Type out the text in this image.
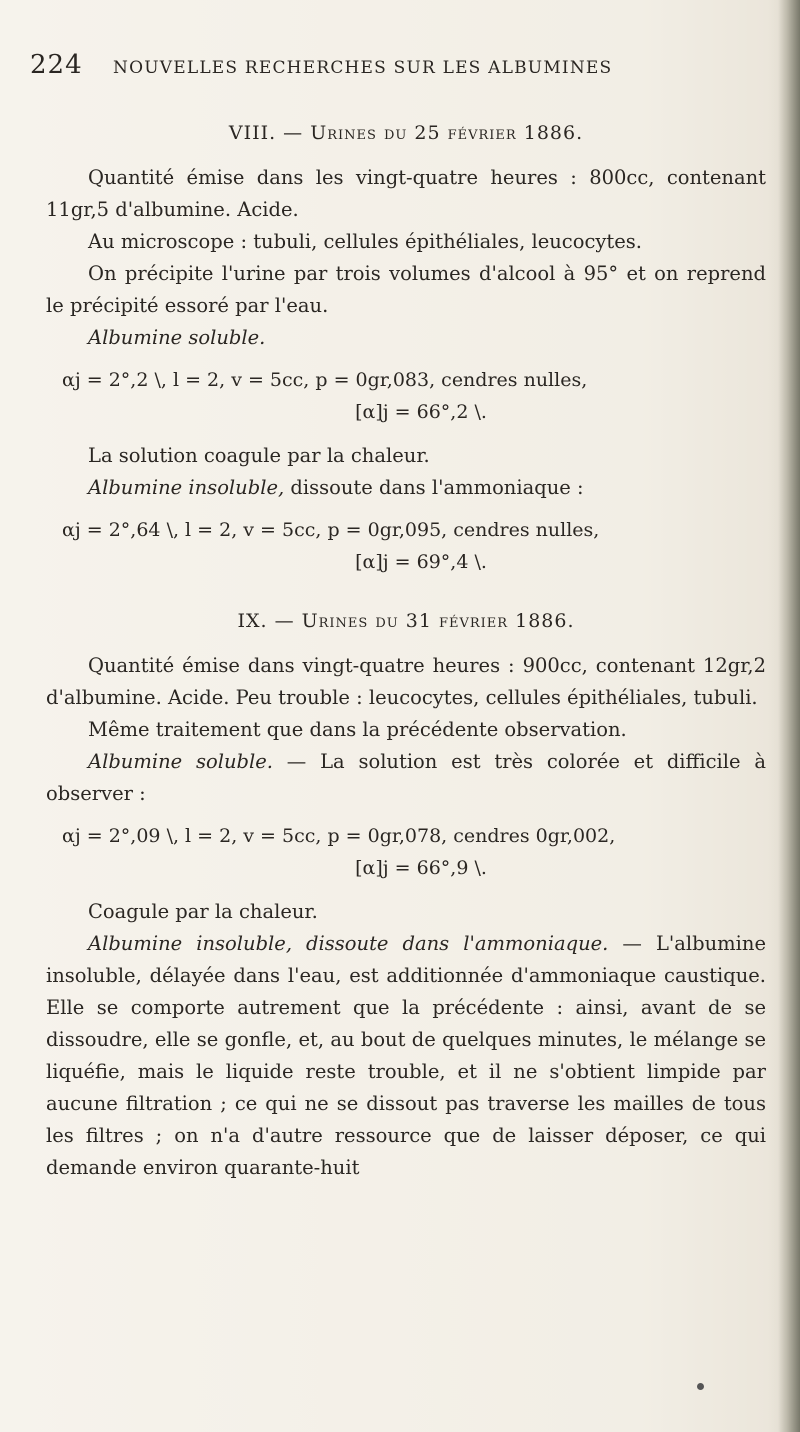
224 NOUVELLES RECHERCHES SUR LES ALBUMINES
VIII. — Urines du 25 février 1886.

Quantité émise dans les vingt-quatre heures : 800cc, contenant 11gr,5 d'albumine. Acide.

Au microscope : tubuli, cellules épithéliales, leucocytes.

On précipite l'urine par trois volumes d'alcool à 95° et on reprend le précipité essoré par l'eau.

Albumine soluble.

αj = 2°,2 \, l = 2, v = 5cc, p = 0gr,083, cendres nulles,
[α]j = 66°,2 \.

La solution coagule par la chaleur.

Albumine insoluble, dissoute dans l'ammoniaque :

αj = 2°,64 \, l = 2, v = 5cc, p = 0gr,095, cendres nulles,
[α]j = 69°,4 \.
IX. — Urines du 31 février 1886.

Quantité émise dans vingt-quatre heures : 900cc, contenant 12gr,2 d'albumine. Acide. Peu trouble : leucocytes, cellules épithéliales, tubuli.

Même traitement que dans la précédente observation.

Albumine soluble. — La solution est très colorée et difficile à observer :

αj = 2°,09 \, l = 2, v = 5cc, p = 0gr,078, cendres 0gr,002,
[α]j = 66°,9 \.

Coagule par la chaleur.

Albumine insoluble, dissoute dans l'ammoniaque. — L'albumine insoluble, délayée dans l'eau, est additionnée d'ammoniaque caustique. Elle se comporte autrement que la précédente : ainsi, avant de se dissoudre, elle se gonfle, et, au bout de quelques minutes, le mélange se liquéfie, mais le liquide reste trouble, et il ne s'obtient limpide par aucune filtration ; ce qui ne se dissout pas traverse les mailles de tous les filtres ; on n'a d'autre ressource que de laisser déposer, ce qui demande environ quarante-huit
